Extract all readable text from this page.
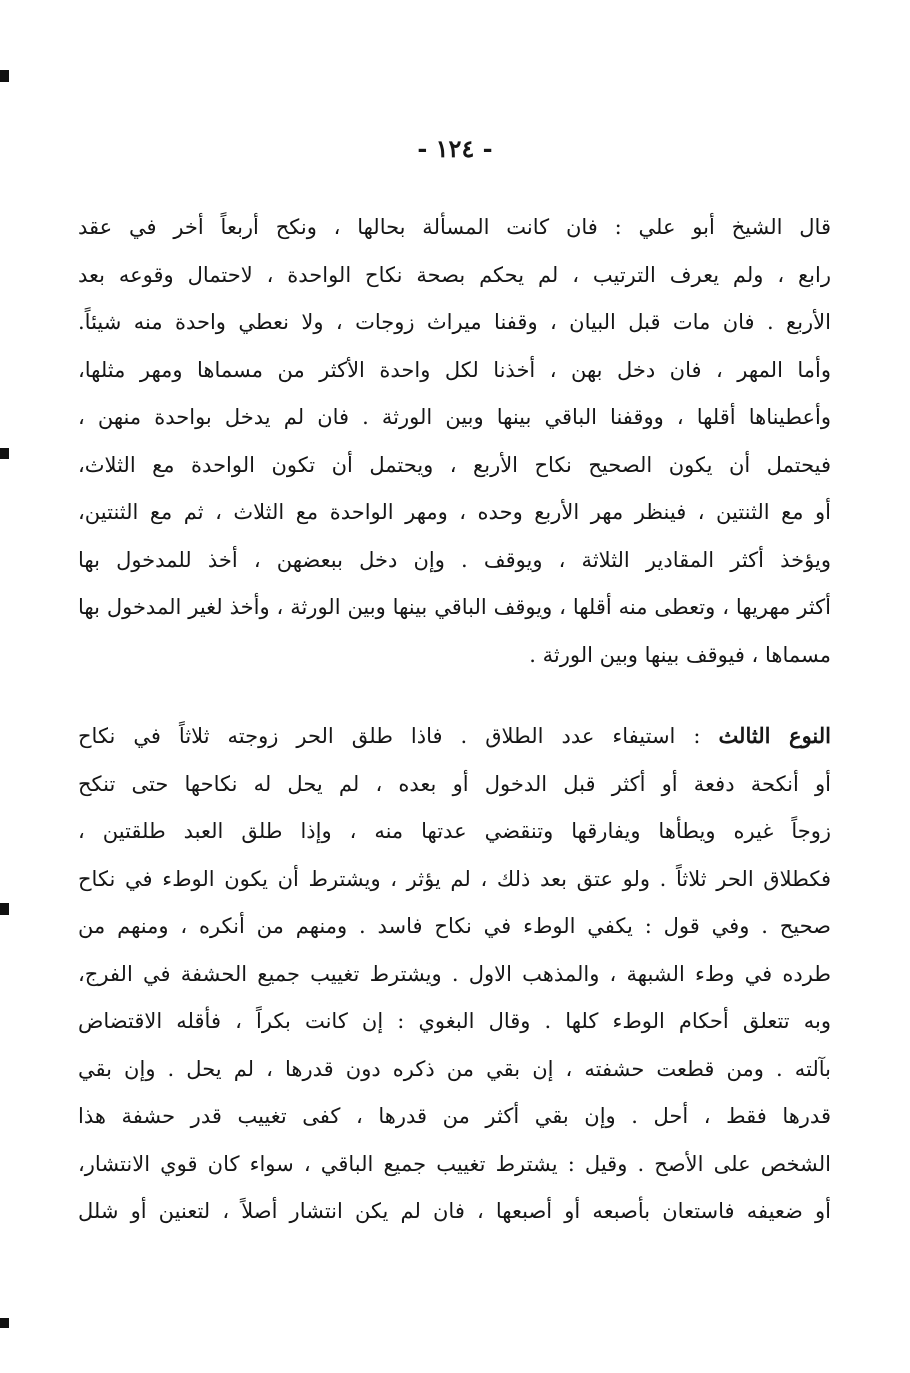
- ١٢٤ -
قال الشيخ أبو علي : فان كانت المسألة بحالها ، ونكح أربعاً أخر في عقد
رابع ، ولم يعرف الترتيب ، لم يحكم بصحة نكاح الواحدة ، لاحتمال وقوعه بعد
الأربع . فان مات قبل البيان ، وقفنا ميراث زوجات ، ولا نعطي واحدة منه شيئاً.
وأما المهر ، فان دخل بهن ، أخذنا لكل واحدة الأكثر من مسماها ومهر مثلها،
وأعطيناها أقلها ، ووقفنا الباقي بينها وبين الورثة . فان لم يدخل بواحدة منهن ،
فيحتمل أن يكون الصحيح نكاح الأربع ، ويحتمل أن تكون الواحدة مع الثلاث،
أو مع الثنتين ، فينظر مهر الأربع وحده ، ومهر الواحدة مع الثلاث ، ثم مع الثنتين،
ويؤخذ أكثر المقادير الثلاثة ، ويوقف . وإن دخل ببعضهن ، أخذ للمدخول بها
أكثر مهريها ، وتعطى منه أقلها ، ويوقف الباقي بينها وبين الورثة ، وأخذ لغير المدخول بها
مسماها ، فيوقف بينها وبين الورثة .
النوع الثالث : استيفاء عدد الطلاق . فاذا طلق الحر زوجته ثلاثاً في نكاح
أو أنكحة دفعة أو أكثر قبل الدخول أو بعده ، لم يحل له نكاحها حتى تنكح
زوجاً غيره ويطأها ويفارقها وتنقضي عدتها منه ، وإذا طلق العبد طلقتين ،
فكطلاق الحر ثلاثاً . ولو عتق بعد ذلك ، لم يؤثر ، ويشترط أن يكون الوطء في نكاح
صحيح . وفي قول : يكفي الوطء في نكاح فاسد . ومنهم من أنكره ، ومنهم من
طرده في وطء الشبهة ، والمذهب الاول . ويشترط تغييب جميع الحشفة في الفرج،
وبه تتعلق أحكام الوطء كلها . وقال البغوي : إن كانت بكراً ، فأقله الاقتضاض
بآلته . ومن قطعت حشفته ، إن بقي من ذكره دون قدرها ، لم يحل . وإن بقي
قدرها فقط ، أحل . وإن بقي أكثر من قدرها ، كفى تغييب قدر حشفة هذا
الشخص على الأصح . وقيل : يشترط تغييب جميع الباقي ، سواء كان قوي الانتشار،
أو ضعيفه فاستعان بأصبعه أو أصبعها ، فان لم يكن انتشار أصلاً ، لتعنين أو شلل
